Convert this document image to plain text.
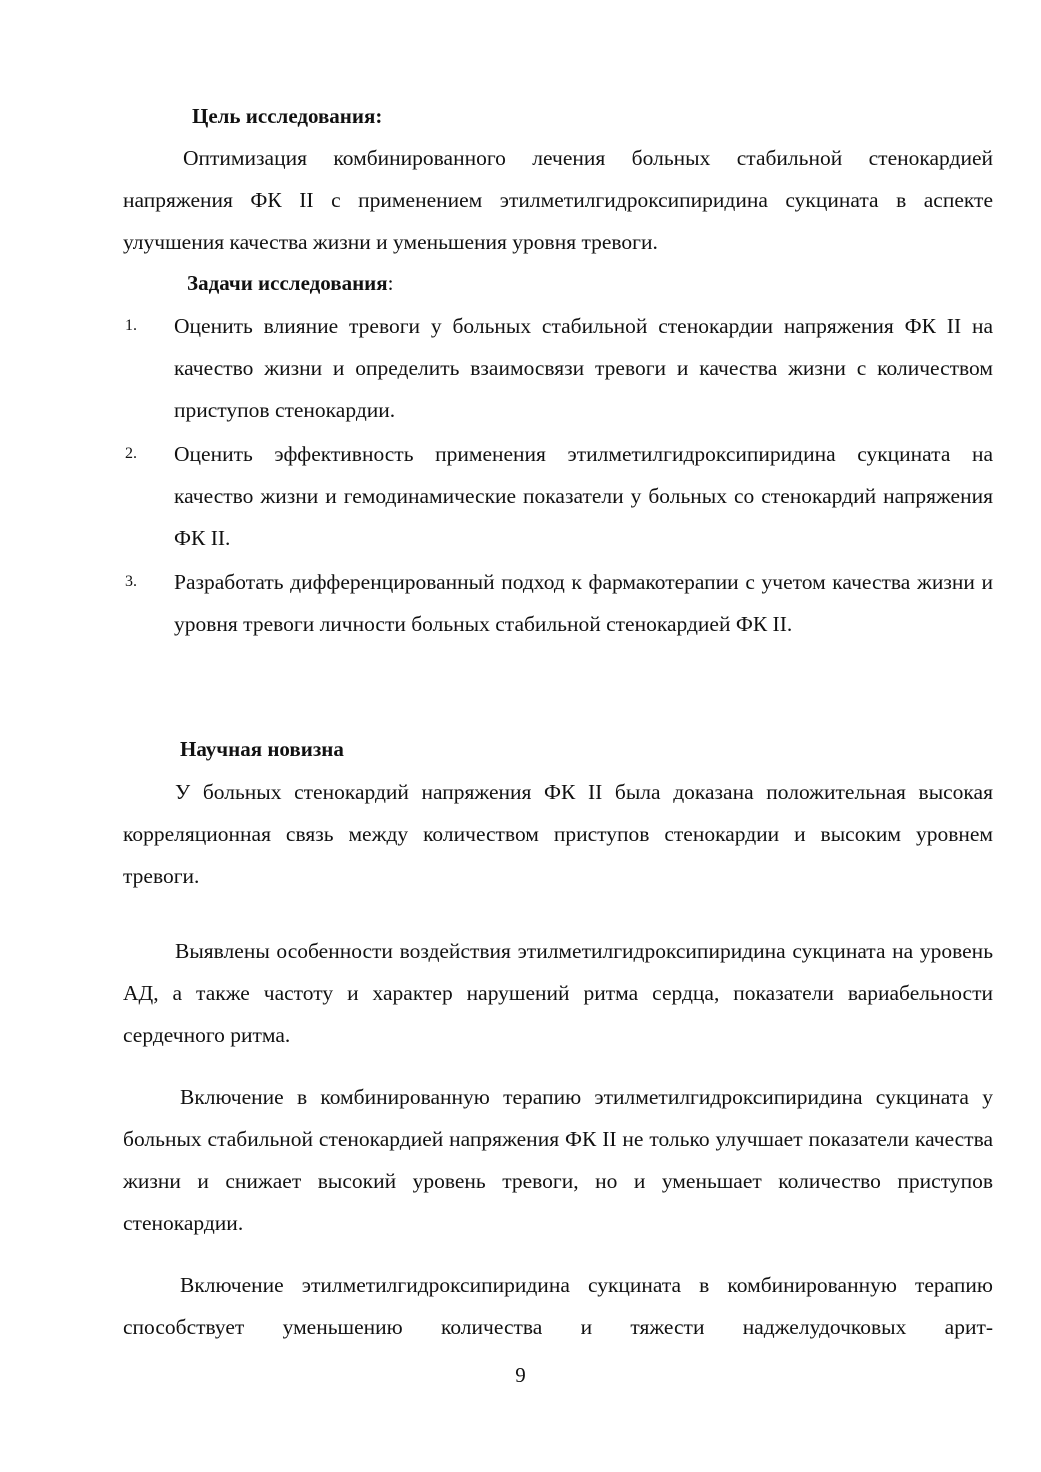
Цель исследования:

Оптимизация комбинированного лечения больных стабильной стенокардией напряжения ФК II с применением этилметилгидроксипиридина сукцината в аспекте улучшения качества жизни и уменьшения уровня тревоги.

Задачи исследования:
1. Оценить влияние тревоги у больных стабильной стенокардии напряжения ФК II на качество жизни и определить взаимосвязи тревоги и качества жизни с количеством приступов стенокардии.
2. Оценить эффективность применения этилметилгидроксипиридина сукцината на качество жизни и гемодинамические показатели у больных со стенокардий напряжения ФК II.
3. Разработать дифференцированный подход к фармакотерапии с учетом качества жизни и уровня тревоги личности больных стабильной стенокардией ФК II.
Научная новизна

У больных стенокардий напряжения ФК II была доказана положительная высокая корреляционная связь между количеством приступов стенокардии и высоким уровнем тревоги.

Выявлены особенности воздействия этилметилгидроксипиридина сукцината на уровень АД, а также частоту и характер нарушений ритма сердца, показатели вариабельности сердечного ритма.

Включение в комбинированную терапию этилметилгидроксипиридина сукцината у больных стабильной стенокардией напряжения ФК II не только улучшает показатели качества жизни и снижает высокий уровень тревоги, но и уменьшает количество приступов стенокардии.

Включение этилметилгидроксипиридина сукцината в комбинированную терапию способствует уменьшению количества и тяжести наджелудочковых арит-

9
